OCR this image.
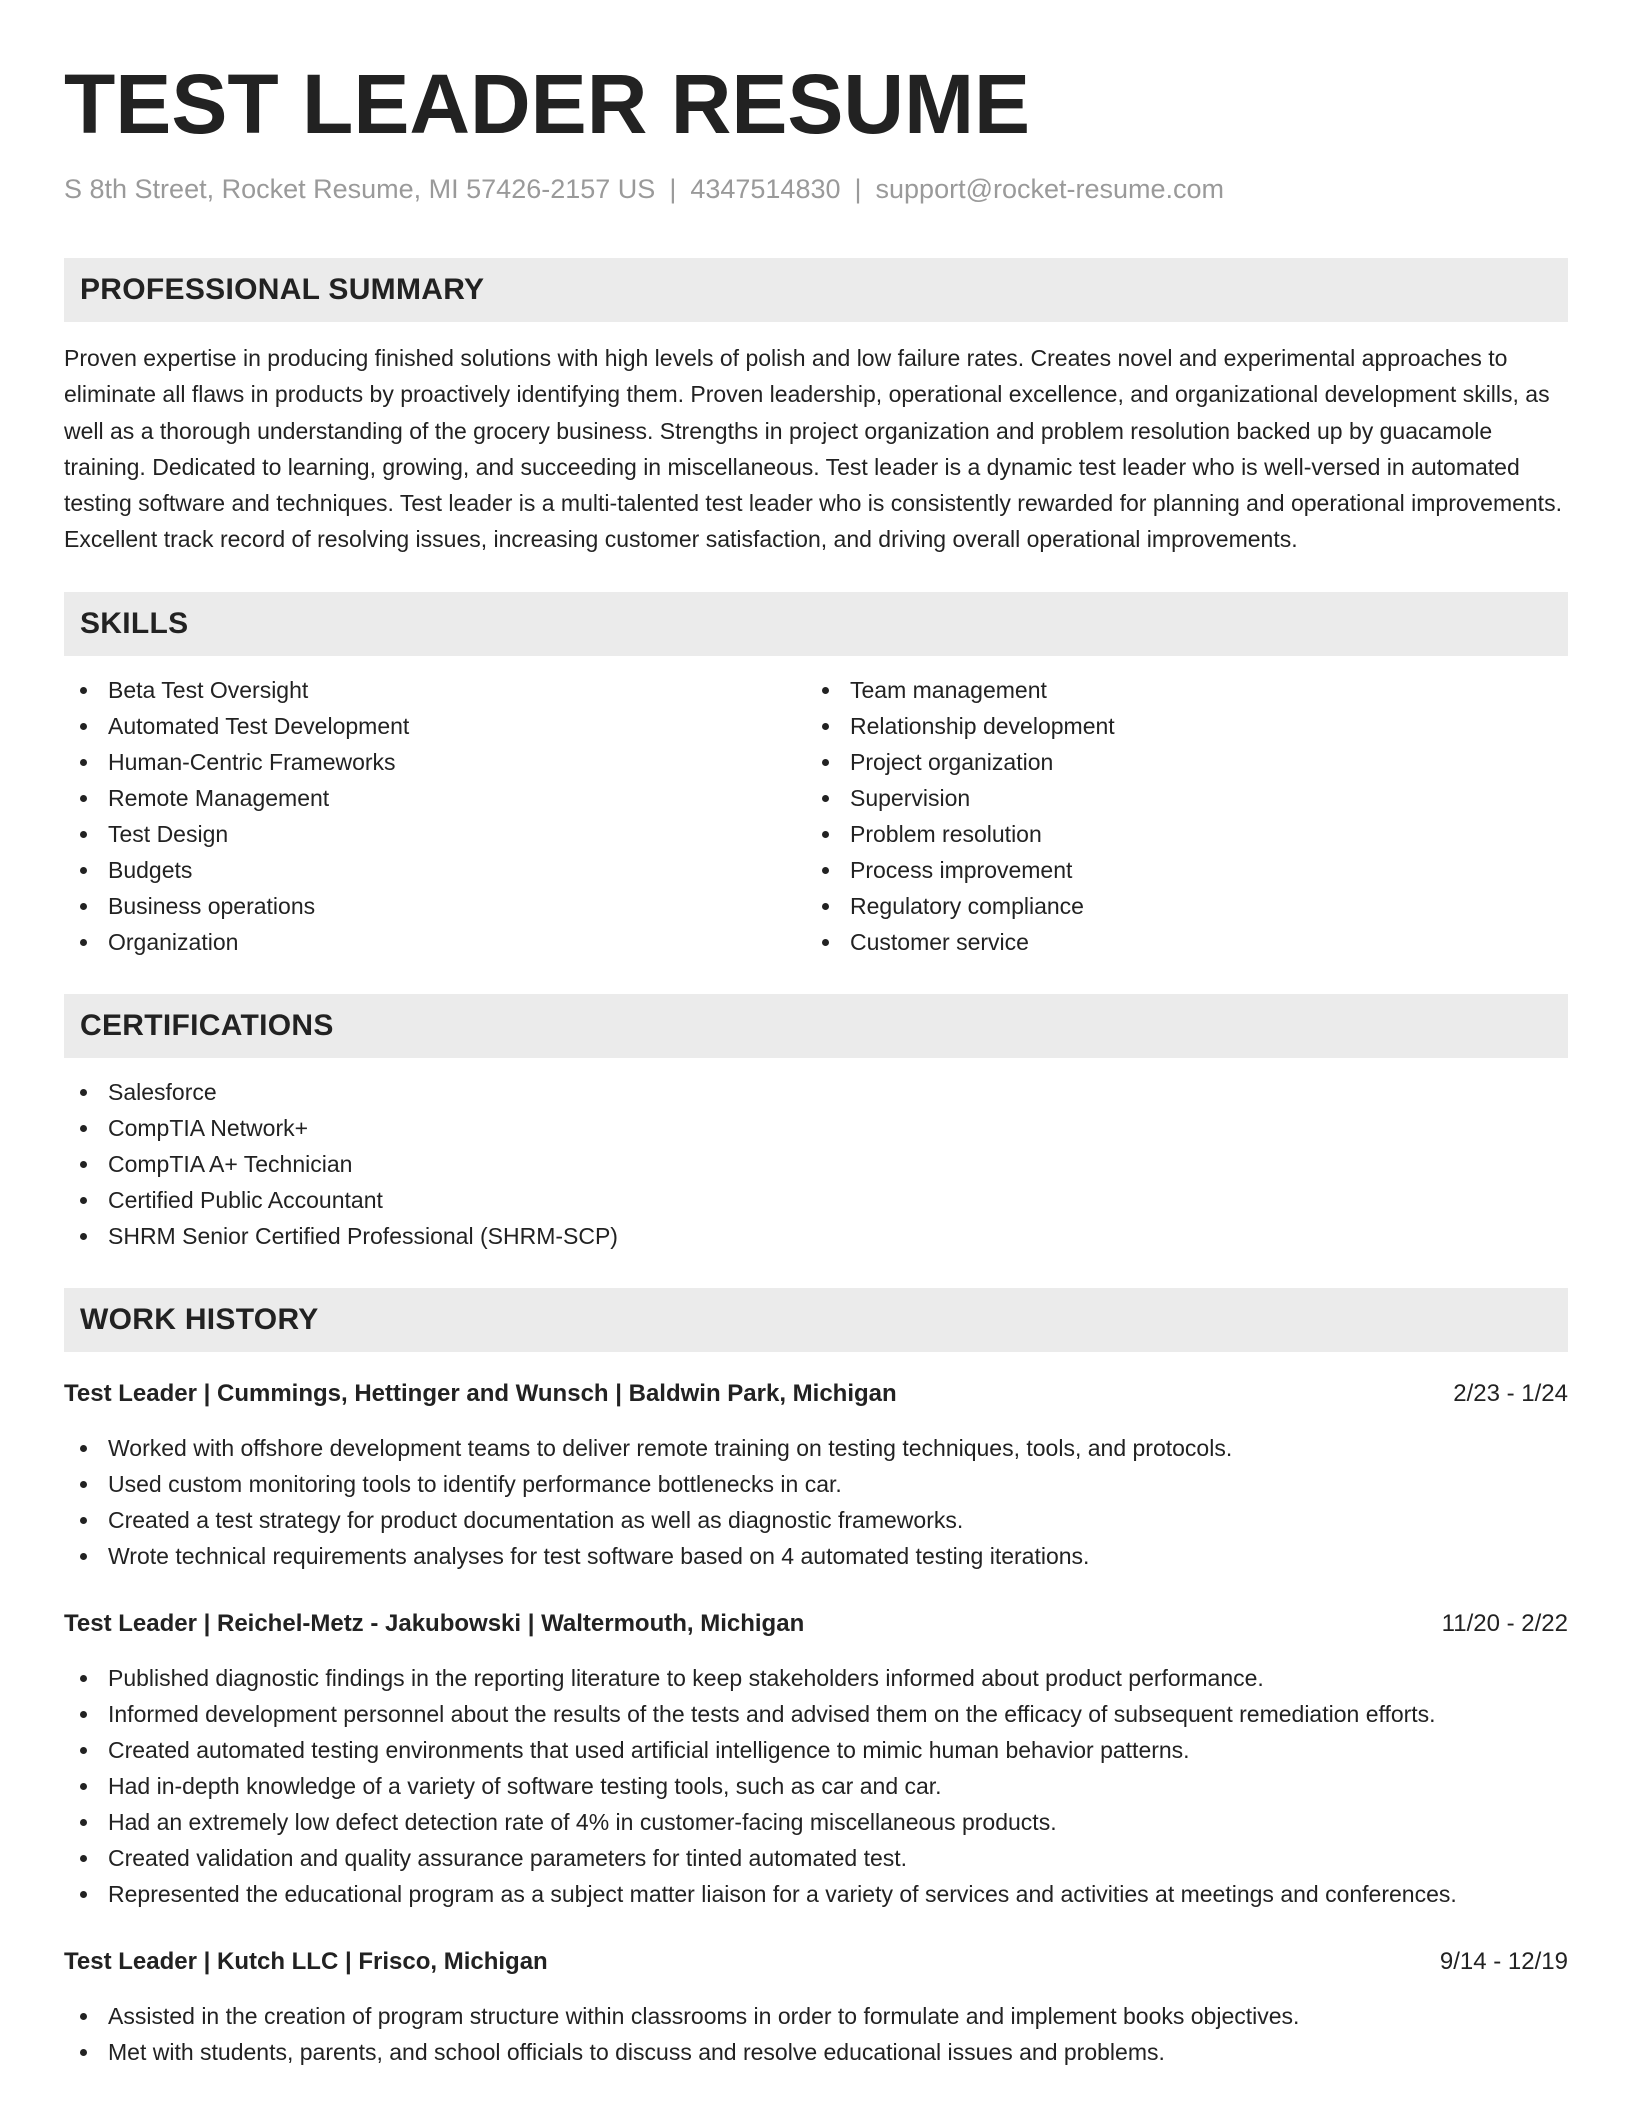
TEST LEADER RESUME
S 8th Street, Rocket Resume, MI 57426-2157 US | 4347514830 | support@rocket-resume.com
PROFESSIONAL SUMMARY
Proven expertise in producing finished solutions with high levels of polish and low failure rates. Creates novel and experimental approaches to eliminate all flaws in products by proactively identifying them. Proven leadership, operational excellence, and organizational development skills, as well as a thorough understanding of the grocery business. Strengths in project organization and problem resolution backed up by guacamole training. Dedicated to learning, growing, and succeeding in miscellaneous. Test leader is a dynamic test leader who is well-versed in automated testing software and techniques. Test leader is a multi-talented test leader who is consistently rewarded for planning and operational improvements. Excellent track record of resolving issues, increasing customer satisfaction, and driving overall operational improvements.
SKILLS
Beta Test Oversight
Automated Test Development
Human-Centric Frameworks
Remote Management
Test Design
Budgets
Business operations
Organization
Team management
Relationship development
Project organization
Supervision
Problem resolution
Process improvement
Regulatory compliance
Customer service
CERTIFICATIONS
Salesforce
CompTIA Network+
CompTIA A+ Technician
Certified Public Accountant
SHRM Senior Certified Professional (SHRM-SCP)
WORK HISTORY
Test Leader | Cummings, Hettinger and Wunsch | Baldwin Park, Michigan	2/23 - 1/24
Worked with offshore development teams to deliver remote training on testing techniques, tools, and protocols.
Used custom monitoring tools to identify performance bottlenecks in car.
Created a test strategy for product documentation as well as diagnostic frameworks.
Wrote technical requirements analyses for test software based on 4 automated testing iterations.
Test Leader | Reichel-Metz - Jakubowski | Waltermouth, Michigan	11/20 - 2/22
Published diagnostic findings in the reporting literature to keep stakeholders informed about product performance.
Informed development personnel about the results of the tests and advised them on the efficacy of subsequent remediation efforts.
Created automated testing environments that used artificial intelligence to mimic human behavior patterns.
Had in-depth knowledge of a variety of software testing tools, such as car and car.
Had an extremely low defect detection rate of 4% in customer-facing miscellaneous products.
Created validation and quality assurance parameters for tinted automated test.
Represented the educational program as a subject matter liaison for a variety of services and activities at meetings and conferences.
Test Leader | Kutch LLC | Frisco, Michigan	9/14 - 12/19
Assisted in the creation of program structure within classrooms in order to formulate and implement books objectives.
Met with students, parents, and school officials to discuss and resolve educational issues and problems.
